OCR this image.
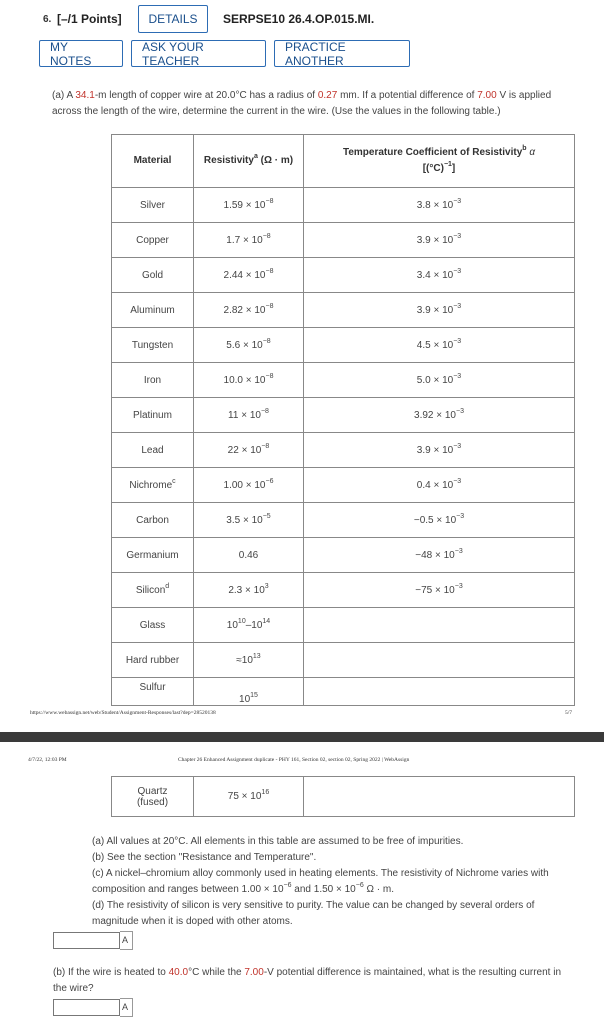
6. [–/1 Points]	DETAILS	SERPSE10 26.4.OP.015.MI.
MY NOTES
ASK YOUR TEACHER
PRACTICE ANOTHER
(a) A 34.1-m length of copper wire at 20.0°C has a radius of 0.27 mm. If a potential difference of 7.00 V is applied across the length of the wire, determine the current in the wire. (Use the values in the following table.)
Material	Resistivity$^a$ (Ω · m)	Temperature Coefficient of Resistivity$^b$ α
$[(^\circ C)^{-1}]$
Silver	$1.59 \times 10^{-8}$	$3.8 \times 10^{-3}$
Copper	$1.7 \times 10^{-8}$	$3.9 \times 10^{-3}$
Gold	$2.44 \times 10^{-8}$	$3.4 \times 10^{-3}$
Aluminum	$2.82 \times 10^{-8}$	$3.9 \times 10^{-3}$
Tungsten	$5.6 \times 10^{-8}$	$4.5 \times 10^{-3}$
Iron	$10.0 \times 10^{-8}$	$5.0 \times 10^{-3}$
Platinum	$11 \times 10^{-8}$	$3.92 \times 10^{-3}$
Lead	$22 \times 10^{-8}$	$3.9 \times 10^{-3}$
Nichrome$^c$	$1.00 \times 10^{-6}$	$0.4 \times 10^{-3}$
Carbon	$3.5 \times 10^{-5}$	$-0.5 \times 10^{-3}$
Germanium	0.46	$-48 \times 10^{-3}$
Silicon$^d$	$2.3 \times 10^3$	$-75 \times 10^{-3}$
Glass	$10^{10}-10^{14}$	
Hard rubber	$\approx 10^{13}$	
Sulfur	$10^{15}$	
https://www.webassign.net/web/Student/Assignment-Responses/last?dep=28520138	5/7
4/7/22, 12:03 PM	Chapter 26 Enhanced Assignment duplicate - PHY 161, Section 02, section 02, Spring 2022 | WebAssign
Quartz
(fused)	$75 \times 10^{16}$	
(a) All values at 20°C. All elements in this table are assumed to be free of impurities.
(b) See the section "Resistance and Temperature".
(c) A nickel–chromium alloy commonly used in heating elements. The resistivity of Nichrome varies with composition and ranges between $1.00 \times 10^{-6}$ and $1.50 \times 10^{-6}$ Ω · m.
(d) The resistivity of silicon is very sensitive to purity. The value can be changed by several orders of magnitude when it is doped with other atoms.
A
(b) If the wire is heated to 40.0°C while the 7.00-V potential difference is maintained, what is the resulting current in the wire?
A
